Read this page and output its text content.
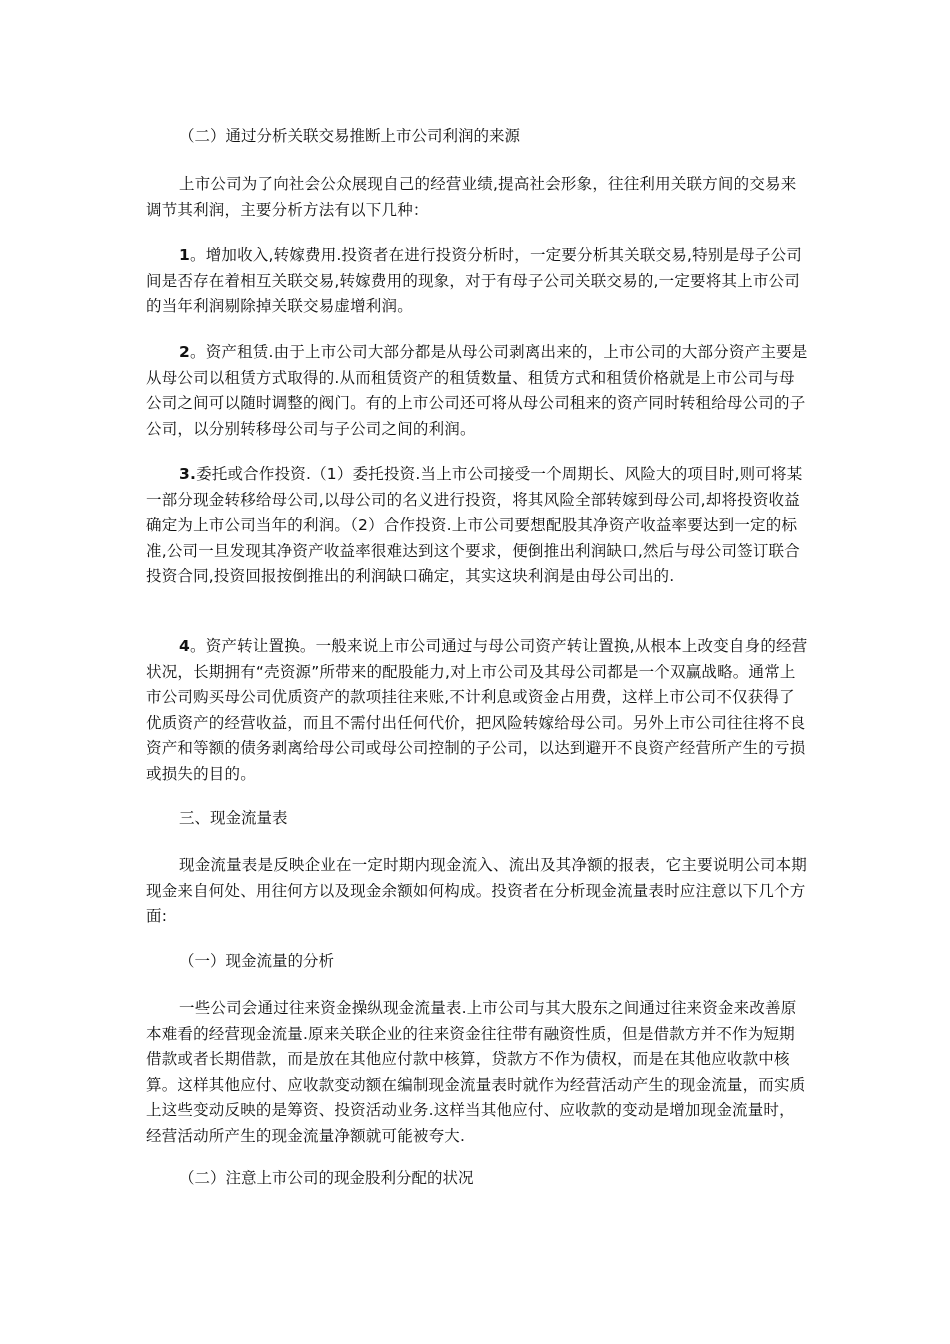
（二）通过分析关联交易推断上市公司利润的来源

上市公司为了向社会公众展现自己的经营业绩,提高社会形象，往往利用关联方间的交易来调节其利润，主要分析方法有以下几种：

1。增加收入,转嫁费用.投资者在进行投资分析时，一定要分析其关联交易,特别是母子公司间是否存在着相互关联交易,转嫁费用的现象，对于有母子公司关联交易的,一定要将其上市公司的当年利润剔除掉关联交易虚增利润。

2。资产租赁.由于上市公司大部分都是从母公司剥离出来的，上市公司的大部分资产主要是从母公司以租赁方式取得的.从而租赁资产的租赁数量、租赁方式和租赁价格就是上市公司与母公司之间可以随时调整的阀门。有的上市公司还可将从母公司租来的资产同时转租给母公司的子公司，以分别转移母公司与子公司之间的利润。

3.委托或合作投资.（1）委托投资.当上市公司接受一个周期长、风险大的项目时,则可将某一部分现金转移给母公司,以母公司的名义进行投资，将其风险全部转嫁到母公司,却将投资收益确定为上市公司当年的利润。（2）合作投资.上市公司要想配股其净资产收益率要达到一定的标准,公司一旦发现其净资产收益率很难达到这个要求，便倒推出利润缺口,然后与母公司签订联合投资合同,投资回报按倒推出的利润缺口确定，其实这块利润是由母公司出的.

4。资产转让置换。一般来说上市公司通过与母公司资产转让置换,从根本上改变自身的经营状况，长期拥有“壳资源”所带来的配股能力,对上市公司及其母公司都是一个双赢战略。通常上市公司购买母公司优质资产的款项挂往来账,不计利息或资金占用费，这样上市公司不仅获得了优质资产的经营收益，而且不需付出任何代价，把风险转嫁给母公司。另外上市公司往往将不良资产和等额的债务剥离给母公司或母公司控制的子公司，以达到避开不良资产经营所产生的亏损或损失的目的。

三、现金流量表

现金流量表是反映企业在一定时期内现金流入、流出及其净额的报表，它主要说明公司本期现金来自何处、用往何方以及现金余额如何构成。投资者在分析现金流量表时应注意以下几个方面:

（一）现金流量的分析

一些公司会通过往来资金操纵现金流量表.上市公司与其大股东之间通过往来资金来改善原本难看的经营现金流量.原来关联企业的往来资金往往带有融资性质，但是借款方并不作为短期借款或者长期借款，而是放在其他应付款中核算，贷款方不作为债权，而是在其他应收款中核算。这样其他应付、应收款变动额在编制现金流量表时就作为经营活动产生的现金流量，而实质上这些变动反映的是筹资、投资活动业务.这样当其他应付、应收款的变动是增加现金流量时，经营活动所产生的现金流量净额就可能被夸大.

（二）注意上市公司的现金股利分配的状况
